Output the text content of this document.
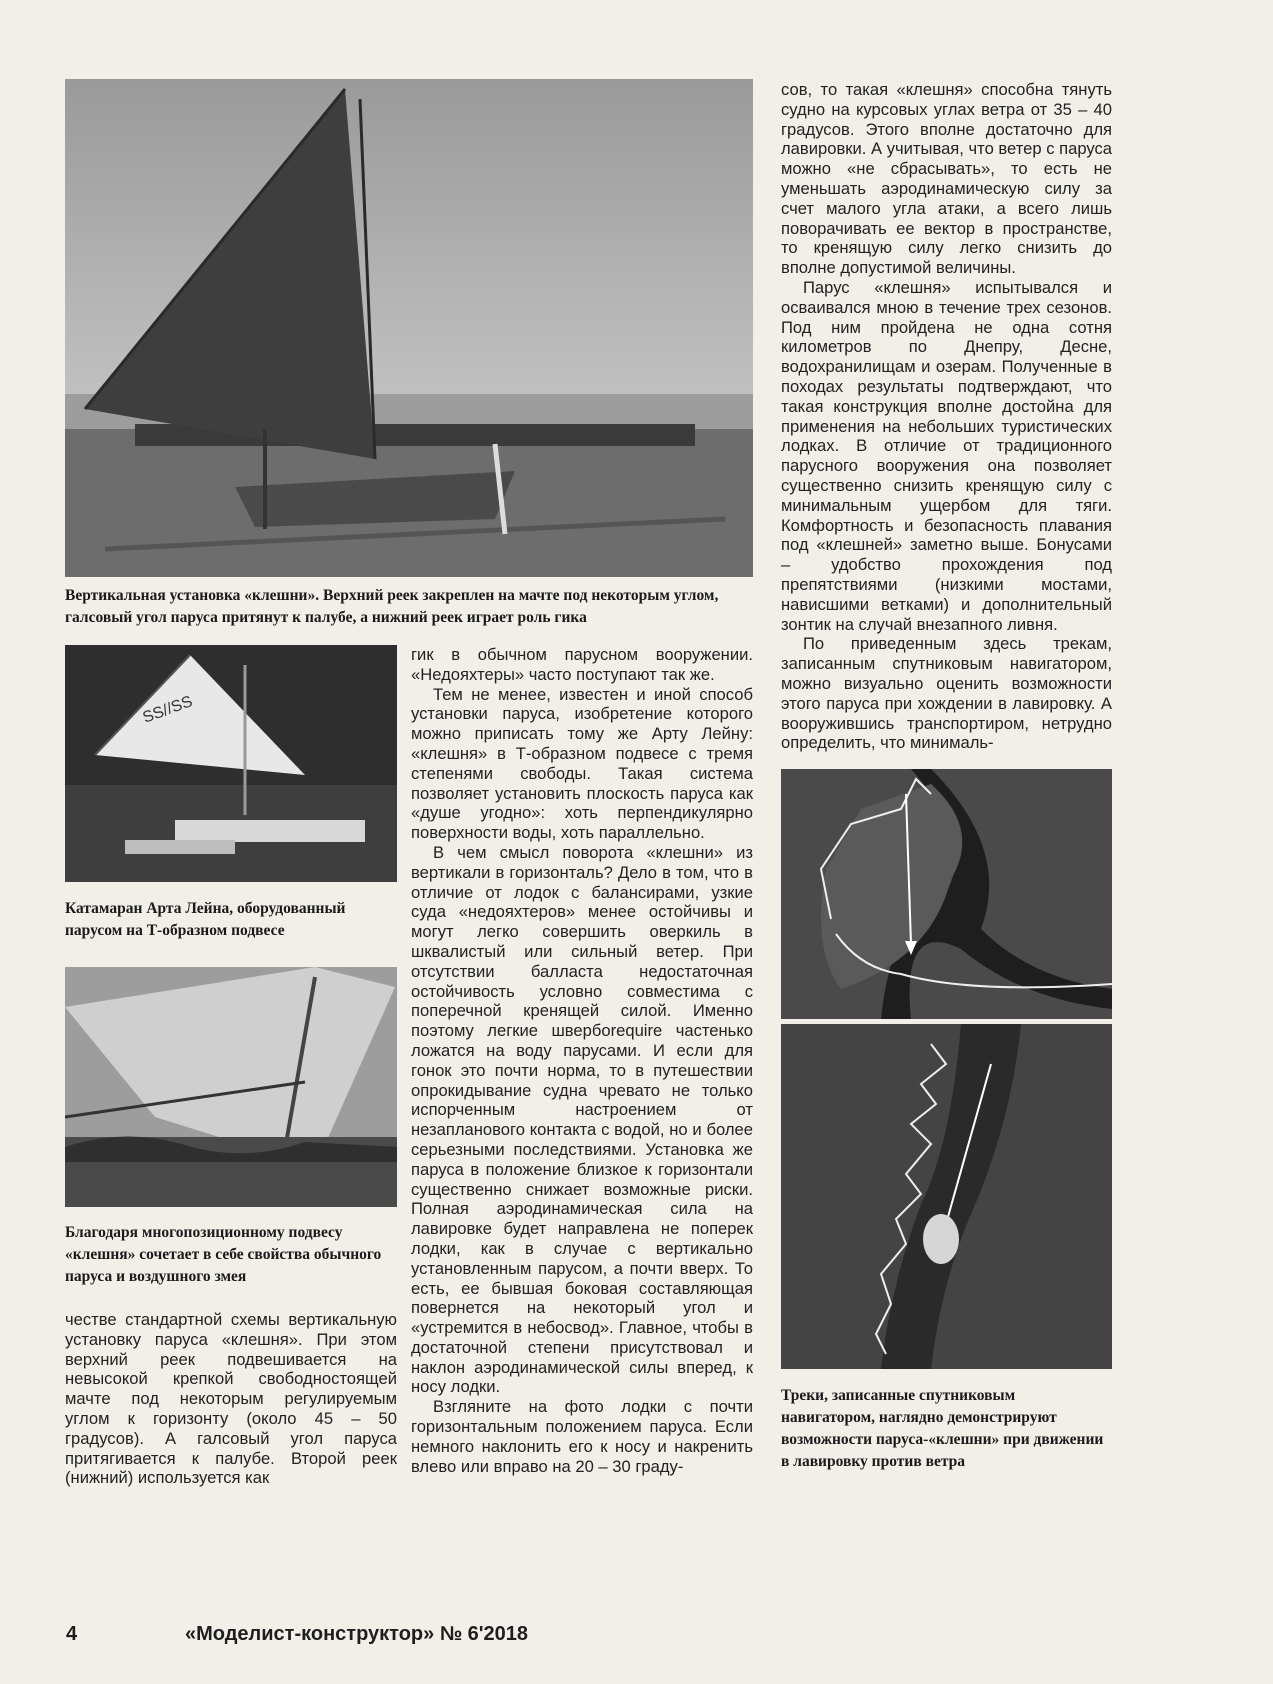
Вертикальная установка «клешни». Верхний реек закреплен на мачте под некоторым углом, галсовый угол паруса притянут к палубе, а нижний реек играет роль гика
SS//SS
Катамаран Арта Лейна, оборудованный парусом на Т-образном подвесе
Благодаря многопозиционному подвесу «клешня» сочетает в себе свойства обычного паруса и воздушного змея

честве стандартной схемы вертикальную установку паруса «клешня». При этом верхний реек подвешивается на невысокой крепкой свободностоящей мачте под некоторым регулируемым углом к горизонту (около 45 – 50 градусов). А галсовый угол паруса притягивается к палубе. Второй реек (нижний) используется как

гик в обычном парусном вооружении. «Недояхтеры» часто поступают так же.

Тем не менее, известен и иной способ установки паруса, изобретение которого можно приписать тому же Арту Лейну: «клешня» в Т-образном подвесе с тремя степенями свободы. Такая система позволяет установить плоскость паруса как «душе угодно»: хоть перпендикулярно поверхности воды, хоть параллельно.

В чем смысл поворота «клешни» из вертикали в горизонталь? Дело в том, что в отличие от лодок с балансирами, узкие суда «недояхтеров» менее остойчивы и могут легко совершить оверкиль в шквалистый или сильный ветер. При отсутствии балласта недостаточная остойчивость условно совместима с поперечной кренящей силой. Именно поэтому легкие швербоrequire частенько ложатся на воду парусами. И если для гонок это почти норма, то в путешествии опрокидывание судна чревато не только испорченным настроением от незапланового контакта с водой, но и более серьезными последствиями. Установка же паруса в положение близкое к горизонтали существенно снижает возможные риски. Полная аэродинамическая сила на лавировке будет направлена не поперек лодки, как в случае с вертикально установленным парусом, а почти вверх. То есть, ее бывшая боковая составляющая повернется на некоторый угол и «устремится в небосвод». Главное, чтобы в достаточной степени присутствовал и наклон аэродинамической силы вперед, к носу лодки.

Взгляните на фото лодки с почти горизонтальным положением паруса. Если немного наклонить его к носу и накренить влево или вправо на 20 – 30 граду-

сов, то такая «клешня» способна тянуть судно на курсовых углах ветра от 35 – 40 градусов. Этого вполне достаточно для лавировки. А учитывая, что ветер с паруса можно «не сбрасывать», то есть не уменьшать аэродинамическую силу за счет малого угла атаки, а всего лишь поворачивать ее вектор в пространстве, то кренящую силу легко снизить до вполне допустимой величины.

Парус «клешня» испытывался и осваивался мною в течение трех сезонов. Под ним пройдена не одна сотня километров по Днепру, Десне, водохранилищам и озерам. Полученные в походах результаты подтверждают, что такая конструкция вполне достойна для применения на небольших туристических лодках. В отличие от традиционного парусного вооружения она позволяет существенно снизить кренящую силу с минимальным ущербом для тяги. Комфортность и безопасность плавания под «клешней» заметно выше. Бонусами – удобство прохождения под препятствиями (низкими мостами, нависшими ветками) и дополнительный зонтик на случай внезапного ливня.

По приведенным здесь трекам, записанным спутниковым навигатором, можно визуально оценить возможности этого паруса при хождении в лавировку. А вооружившись транспортиром, нетрудно определить, что минималь-

Треки, записанные спутниковым навигатором, наглядно демонстрируют возможности паруса-«клешни» при движении в лавировку против ветра
4	«Моделист-конструктор» № 6'2018
